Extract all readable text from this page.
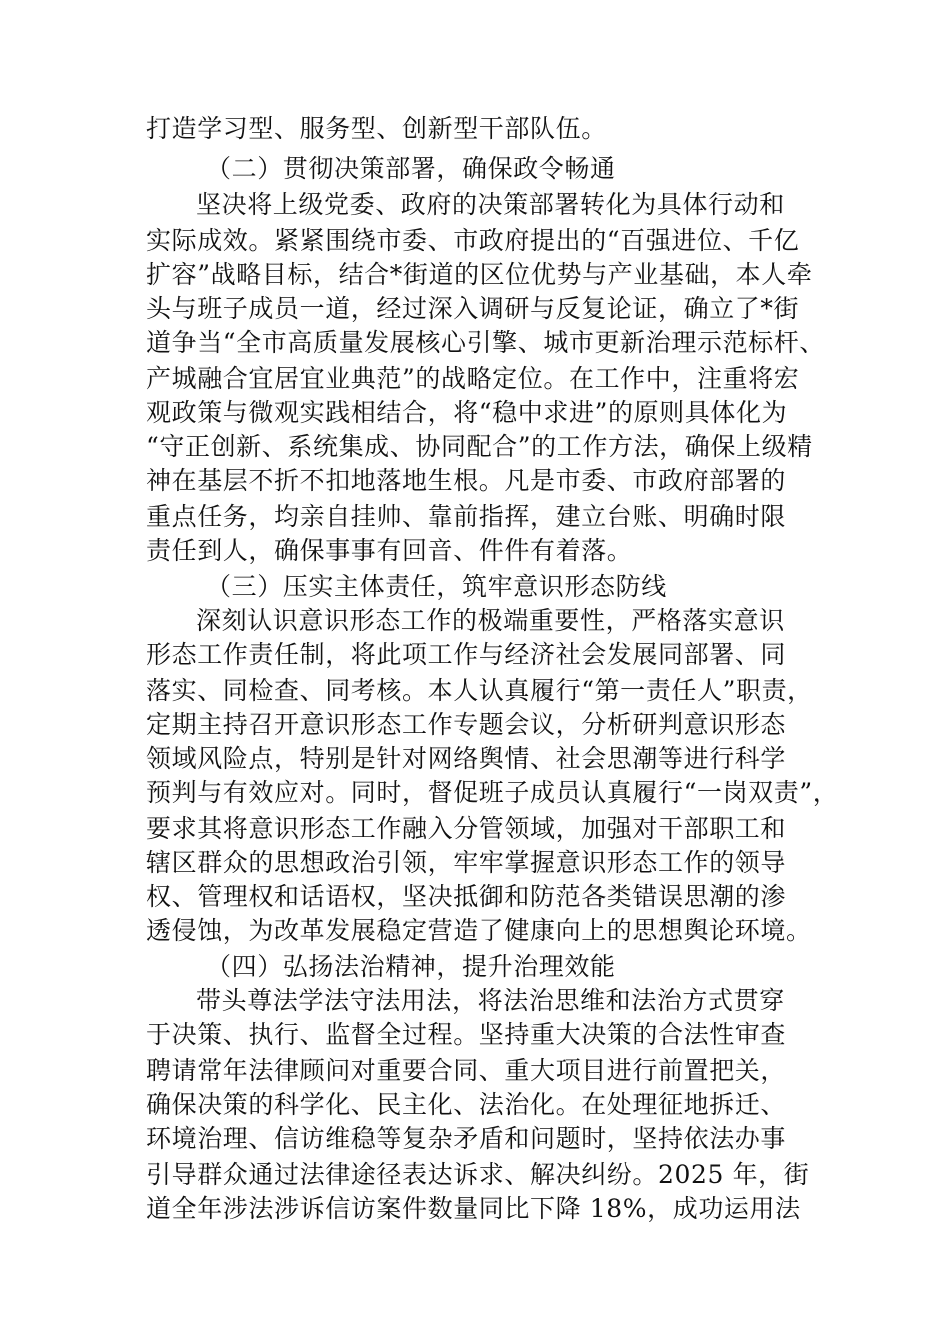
打造学习型、服务型、创新型干部队伍。
（二）贯彻决策部署，确保政令畅通
坚决将上级党委、政府的决策部署转化为具体行动和
实际成效。紧紧围绕市委、市政府提出的“百强进位、千亿
扩容”战略目标，结合*街道的区位优势与产业基础，本人牵
头与班子成员一道，经过深入调研与反复论证，确立了*街
道争当“全市高质量发展核心引擎、城市更新治理示范标杆、
产城融合宜居宜业典范”的战略定位。在工作中，注重将宏
观政策与微观实践相结合，将“稳中求进”的原则具体化为
“守正创新、系统集成、协同配合”的工作方法，确保上级精
神在基层不折不扣地落地生根。凡是市委、市政府部署的
重点任务，均亲自挂帅、靠前指挥，建立台账、明确时限
责任到人，确保事事有回音、件件有着落。
（三）压实主体责任，筑牢意识形态防线
深刻认识意识形态工作的极端重要性，严格落实意识
形态工作责任制，将此项工作与经济社会发展同部署、同
落实、同检查、同考核。本人认真履行“第一责任人”职责，
定期主持召开意识形态工作专题会议，分析研判意识形态
领域风险点，特别是针对网络舆情、社会思潮等进行科学
预判与有效应对。同时，督促班子成员认真履行“一岗双责”，
要求其将意识形态工作融入分管领域，加强对干部职工和
辖区群众的思想政治引领，牢牢掌握意识形态工作的领导
权、管理权和话语权，坚决抵御和防范各类错误思潮的渗
透侵蚀，为改革发展稳定营造了健康向上的思想舆论环境。
（四）弘扬法治精神，提升治理效能
带头尊法学法守法用法，将法治思维和法治方式贯穿
于决策、执行、监督全过程。坚持重大决策的合法性审查
聘请常年法律顾问对重要合同、重大项目进行前置把关，
确保决策的科学化、民主化、法治化。在处理征地拆迁、
环境治理、信访维稳等复杂矛盾和问题时，坚持依法办事
引导群众通过法律途径表达诉求、解决纠纷。2025 年，街
道全年涉法涉诉信访案件数量同比下降 18%，成功运用法
